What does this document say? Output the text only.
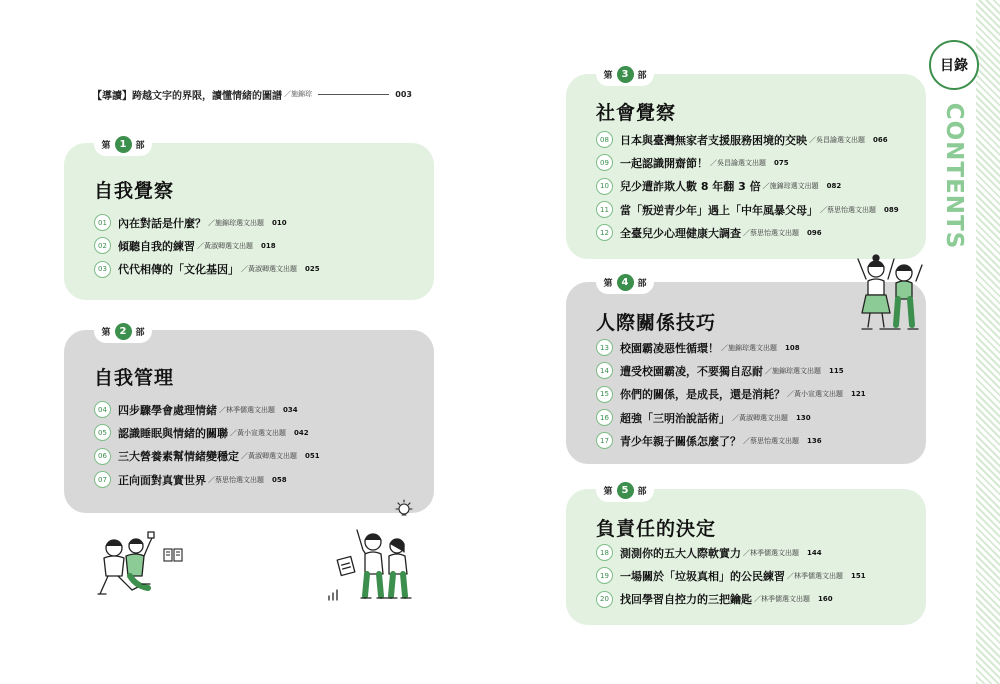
【導讀】跨越文字的界限，讀懂情緒的圖譜 ／施錦琮	003
自我覺察
01	內在對話是什麼？ ／施錦琮選文出題 010
02	傾聽自我的練習 ／黃淑卿選文出題 018
03	代代相傳的「文化基因」 ／黃淑卿選文出題 025
第 1	部
自我管理
04	四步驟學會處理情緒 ／林季儒選文出題 034
05	認識睡眠與情緒的關聯 ／黃小宣選文出題 042
06	三大營養素幫情緒變穩定 ／黃淑卿選文出題 051
07	正向面對真實世界 ／蔡思怡選文出題 058
第 2	部
社會覺察
08	日本與臺灣無家者支援服務困境的交映 ／吳昌諭選文出題 066
09	一起認識開齋節！ ／吳昌諭選文出題 075
10	兒少遭詐欺人數 8 年翻 3 倍 ／施錦琮選文出題 082
11	當「叛逆青少年」遇上「中年風暴父母」 ／蔡思怡選文出題 089
12	全臺兒少心理健康大調查 ／蔡思怡選文出題 096
第 3	部
人際關係技巧
13	校園霸凌惡性循環！ ／施錦琮選文出題 108
14	遭受校園霸凌，不要獨自忍耐 ／施錦琮選文出題 115
15	你們的關係，是成長，還是消耗？ ／黃小宣選文出題 121
16	超強「三明治說話術」 ／黃淑卿選文出題 130
17	青少年親子關係怎麼了？ ／蔡思怡選文出題 136
第 4	部
負責任的決定
18	測測你的五大人際軟實力 ／林季儒選文出題 144
19	一場關於「垃圾真相」的公民練習 ／林季儒選文出題 151
20	找回學習自控力的三把鑰匙 ／林季儒選文出題 160
第 5	部
目錄
CONTENTS
